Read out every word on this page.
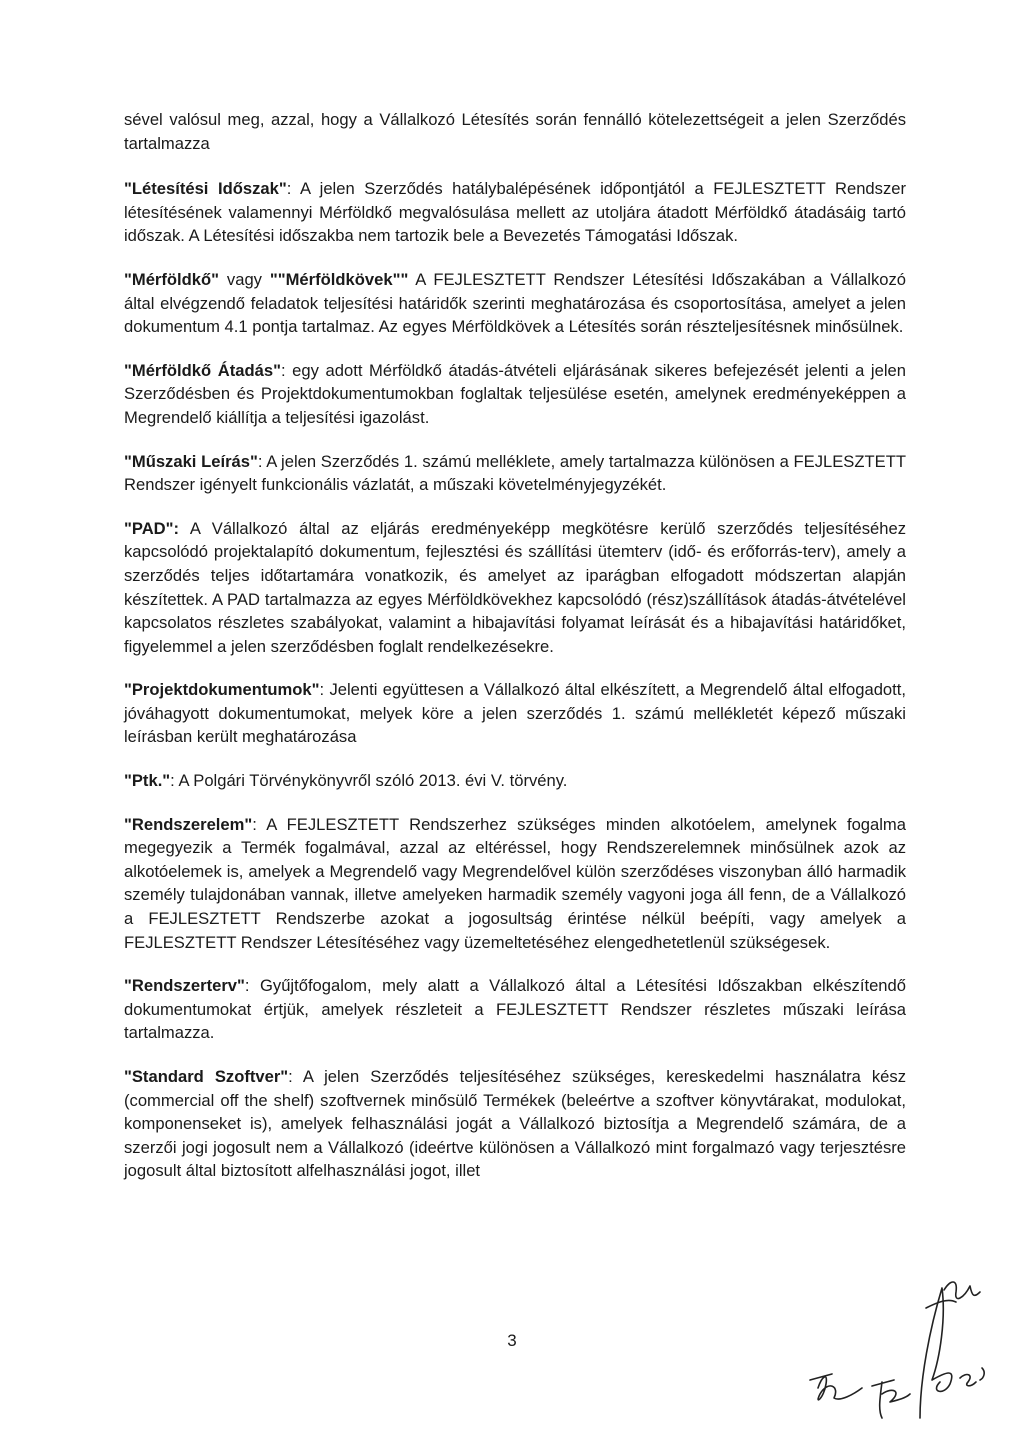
sével valósul meg, azzal, hogy a Vállalkozó Létesítés során fennálló kötelezettségeit a jelen Szerződés tartalmazza

"Létesítési Időszak": A jelen Szerződés hatálybalépésének időpontjától a FEJLESZTETT Rendszer létesítésének valamennyi Mérföldkő megvalósulása mellett az utoljára átadott Mérföldkő átadásáig tartó időszak. A Létesítési időszakba nem tartozik bele a Bevezetés Támogatási Időszak.

"Mérföldkő" vagy ""Mérföldkövek"" A FEJLESZTETT Rendszer Létesítési Időszakában a Vállalkozó által elvégzendő feladatok teljesítési határidők szerinti meghatározása és csoportosítása, amelyet a jelen dokumentum 4.1 pontja tartalmaz. Az egyes Mérföldkövek a Létesítés során részteljesítésnek minősülnek.

"Mérföldkő Átadás": egy adott Mérföldkő átadás-átvételi eljárásának sikeres befejezését jelenti a jelen Szerződésben és Projektdokumentumokban foglaltak teljesülése esetén, amelynek eredményeképpen a Megrendelő kiállítja a teljesítési igazolást.

"Műszaki Leírás": A jelen Szerződés 1. számú melléklete, amely tartalmazza különösen a FEJLESZTETT Rendszer igényelt funkcionális vázlatát, a műszaki követelményjegyzékét.

"PAD": A Vállalkozó által az eljárás eredményeképp megkötésre kerülő szerződés teljesítéséhez kapcsolódó projektalapító dokumentum, fejlesztési és szállítási ütemterv (idő- és erőforrás-terv), amely a szerződés teljes időtartamára vonatkozik, és amelyet az iparágban elfogadott módszertan alapján készítettek. A PAD tartalmazza az egyes Mérföldkövekhez kapcsolódó (rész)szállítások átadás-átvételével kapcsolatos részletes szabályokat, valamint a hibajavítási folyamat leírását és a hibajavítási határidőket, figyelemmel a jelen szerződésben foglalt rendelkezésekre.

"Projektdokumentumok": Jelenti együttesen a Vállalkozó által elkészített, a Megrendelő által elfogadott, jóváhagyott dokumentumokat, melyek köre a jelen szerződés 1. számú mellékletét képező műszaki leírásban került meghatározása

"Ptk.": A Polgári Törvénykönyvről szóló 2013. évi V. törvény.

"Rendszerelem": A FEJLESZTETT Rendszerhez szükséges minden alkotóelem, amelynek fogalma megegyezik a Termék fogalmával, azzal az eltéréssel, hogy Rendszerelemnek minősülnek azok az alkotóelemek is, amelyek a Megrendelő vagy Megrendelővel külön szerződéses viszonyban álló harmadik személy tulajdonában vannak, illetve amelyeken harmadik személy vagyoni joga áll fenn, de a Vállalkozó a FEJLESZTETT Rendszerbe azokat a jogosultság érintése nélkül beépíti, vagy amelyek a FEJLESZTETT Rendszer Létesítéséhez vagy üzemeltetéséhez elengedhetetlenül szükségesek.

"Rendszerterv": Gyűjtőfogalom, mely alatt a Vállalkozó által a Létesítési Időszakban elkészítendő dokumentumokat értjük, amelyek részleteit a FEJLESZTETT Rendszer részletes műszaki leírása tartalmazza.

"Standard Szoftver": A jelen Szerződés teljesítéséhez szükséges, kereskedelmi használatra kész (commercial off the shelf) szoftvernek minősülő Termékek (beleértve a szoftver könyvtárakat, modulokat, komponenseket is), amelyek felhasználási jogát a Vállalkozó biztosítja a Megrendelő számára, de a szerzői jogi jogosult nem a Vállalkozó (ideértve különösen a Vállalkozó mint forgalmazó vagy terjesztésre jogosult által biztosított alfelhasználási jogot, illet

3
